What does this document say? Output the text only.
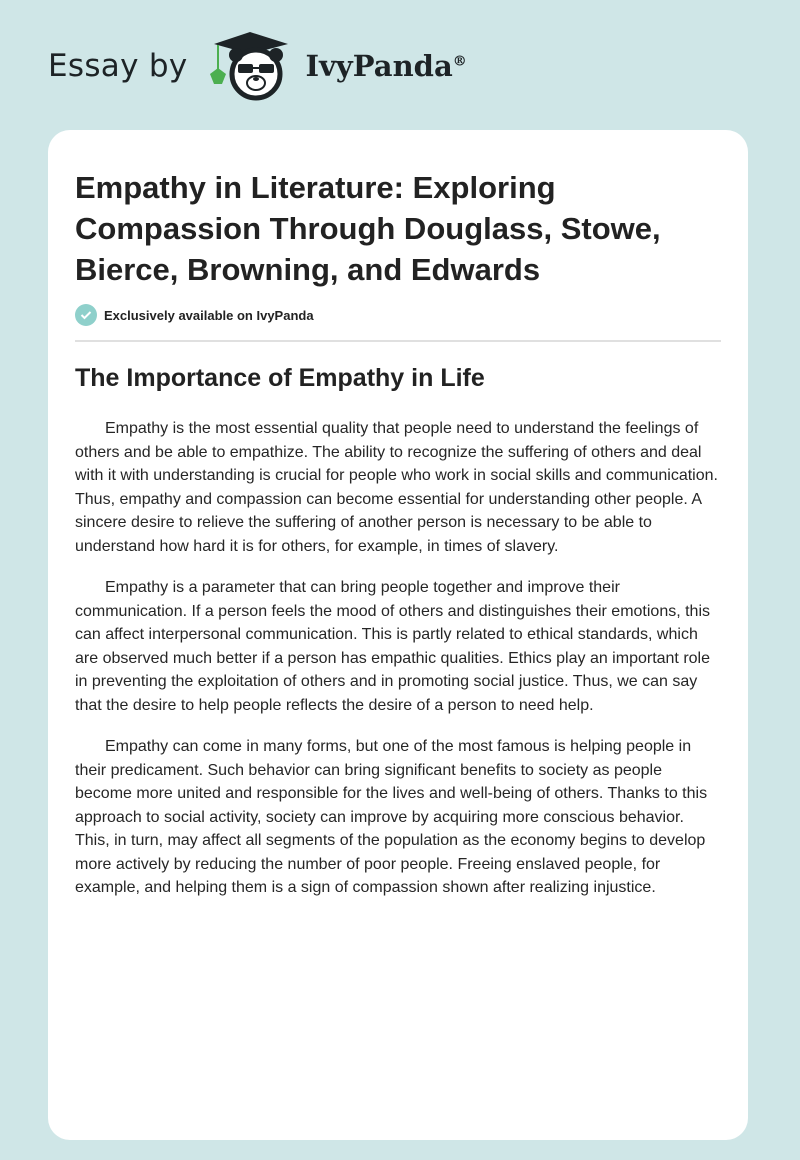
Essay by	IvyPanda®
Empathy in Literature: Exploring Compassion Through Douglass, Stowe, Bierce, Browning, and Edwards
Exclusively available on IvyPanda
The Importance of Empathy in Life

Empathy is the most essential quality that people need to understand the feelings of others and be able to empathize. The ability to recognize the suffering of others and deal with it with understanding is crucial for people who work in social skills and communication. Thus, empathy and compassion can become essential for understanding other people. A sincere desire to relieve the suffering of another person is necessary to be able to understand how hard it is for others, for example, in times of slavery.

Empathy is a parameter that can bring people together and improve their communication. If a person feels the mood of others and distinguishes their emotions, this can affect interpersonal communication. This is partly related to ethical standards, which are observed much better if a person has empathic qualities. Ethics play an important role in preventing the exploitation of others and in promoting social justice. Thus, we can say that the desire to help people reflects the desire of a person to need help.

Empathy can come in many forms, but one of the most famous is helping people in their predicament. Such behavior can bring significant benefits to society as people become more united and responsible for the lives and well-being of others. Thanks to this approach to social activity, society can improve by acquiring more conscious behavior. This, in turn, may affect all segments of the population as the economy begins to develop more actively by reducing the number of poor people. Freeing enslaved people, for example, and helping them is a sign of compassion shown after realizing injustice.
